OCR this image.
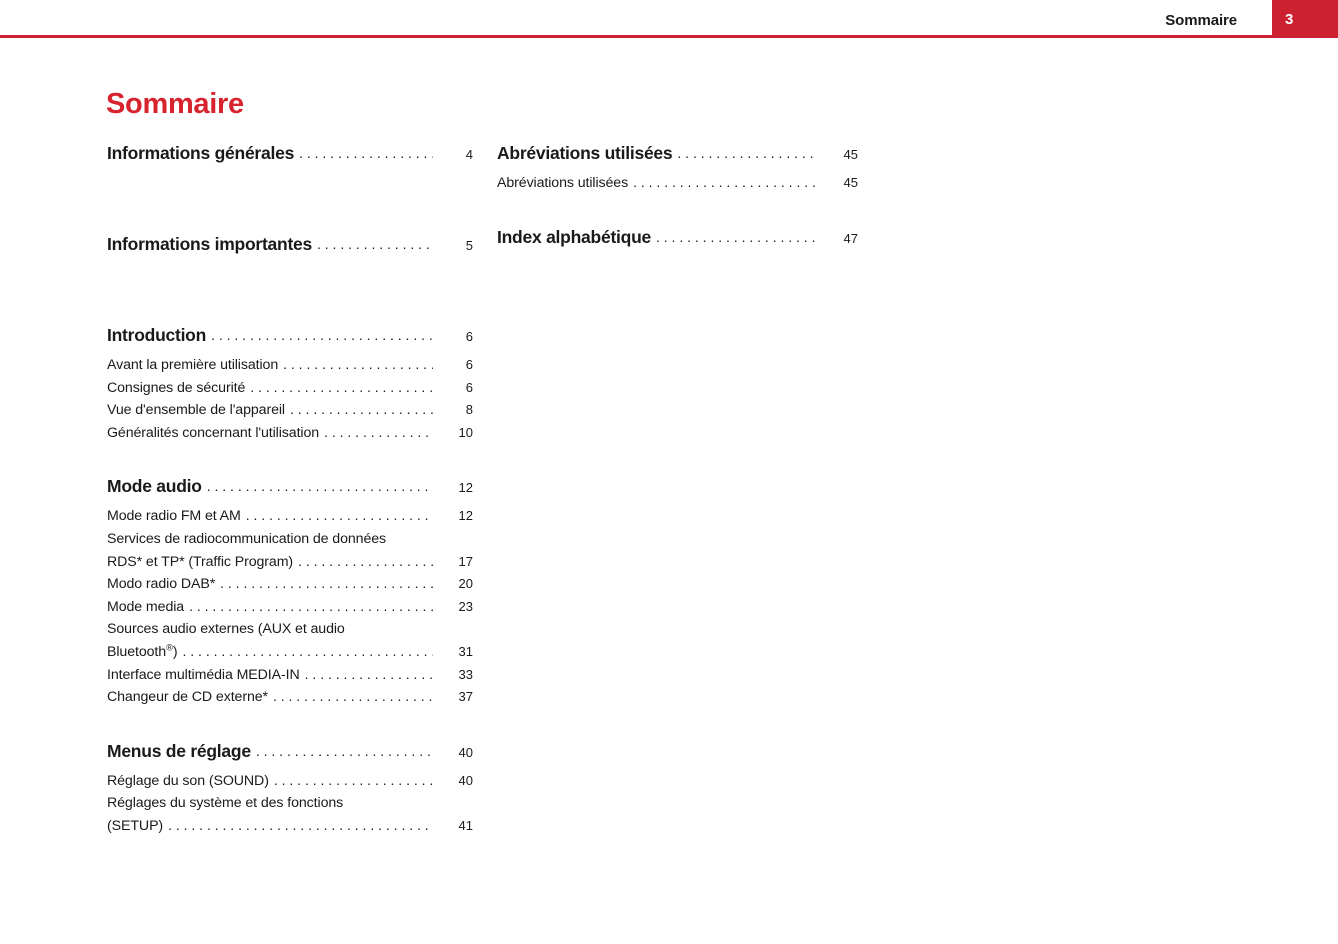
Sommaire	3
Sommaire
Informations générales . . .	4
Informations importantes . . .	5
Introduction . . .	6
Avant la première utilisation . . .	6
Consignes de sécurité . . .	6
Vue d'ensemble de l'appareil . . .	8
Généralités concernant l'utilisation . . .	10
Mode audio . . .	12
Mode radio FM et AM . . .	12
Services de radiocommunication de données
RDS* et TP* (Traffic Program) . . .	17
Modo radio DAB* . . .	20
Mode media . . .	23
Sources audio externes (AUX et audio
Bluetooth®) . . .	31
Interface multimédia MEDIA-IN . . .	33
Changeur de CD externe* . . .	37
Menus de réglage . . .	40
Réglage du son (SOUND) . . .	40
Réglages du système et des fonctions
(SETUP) . . .	41
Abréviations utilisées . . .	45
Abréviations utilisées . . .	45
Index alphabétique . . .	47
